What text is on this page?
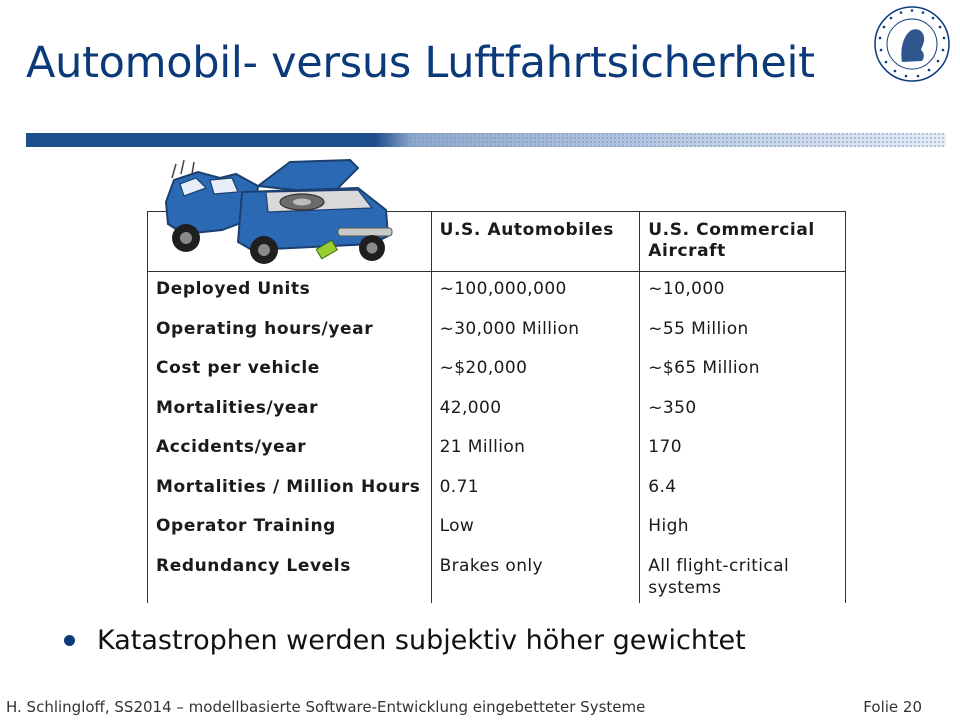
Automobil- versus Luftfahrtsicherheit
	U.S. Automobiles	U.S. Commercial Aircraft
Deployed Units	~100,000,000	~10,000
Operating hours/year	~30,000 Million	~55 Million
Cost per vehicle	~$20,000	~$65 Million
Mortalities/year	42,000	~350
Accidents/year	21 Million	170
Mortalities / Million Hours	0.71	6.4
Operator Training	Low	High
Redundancy Levels	Brakes only	All flight-critical systems
Katastrophen werden subjektiv höher gewichtet
H. Schlingloff, SS2014 – modellbasierte Software-Entwicklung eingebetteter Systeme	Folie 20
